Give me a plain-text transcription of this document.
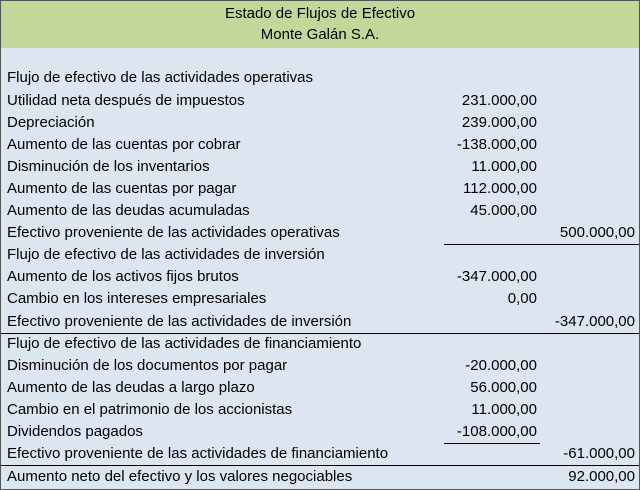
Estado de Flujos de Efectivo
Monte Galán S.A.
Flujo de efectivo de las actividades operativas
Utilidad neta después de impuestos	231.000,00
Depreciación	239.000,00
Aumento de las cuentas por cobrar	-138.000,00
Disminución de los inventarios	11.000,00
Aumento de las cuentas por pagar	112.000,00
Aumento de las deudas acumuladas	45.000,00
Efectivo proveniente de las actividades operativas	500.000,00
Flujo de efectivo de las actividades de inversión
Aumento de los activos fijos brutos	-347.000,00
Cambio en los intereses empresariales	0,00
Efectivo proveniente de las actividades de inversión	-347.000,00
Flujo de efectivo de las actividades de financiamiento
Disminución de los documentos por pagar	-20.000,00
Aumento de las deudas a largo plazo	56.000,00
Cambio en el patrimonio de los accionistas	11.000,00
Dividendos pagados	-108.000,00
Efectivo proveniente de las actividades de financiamiento	-61.000,00
Aumento neto del efectivo y los valores negociables	92.000,00
